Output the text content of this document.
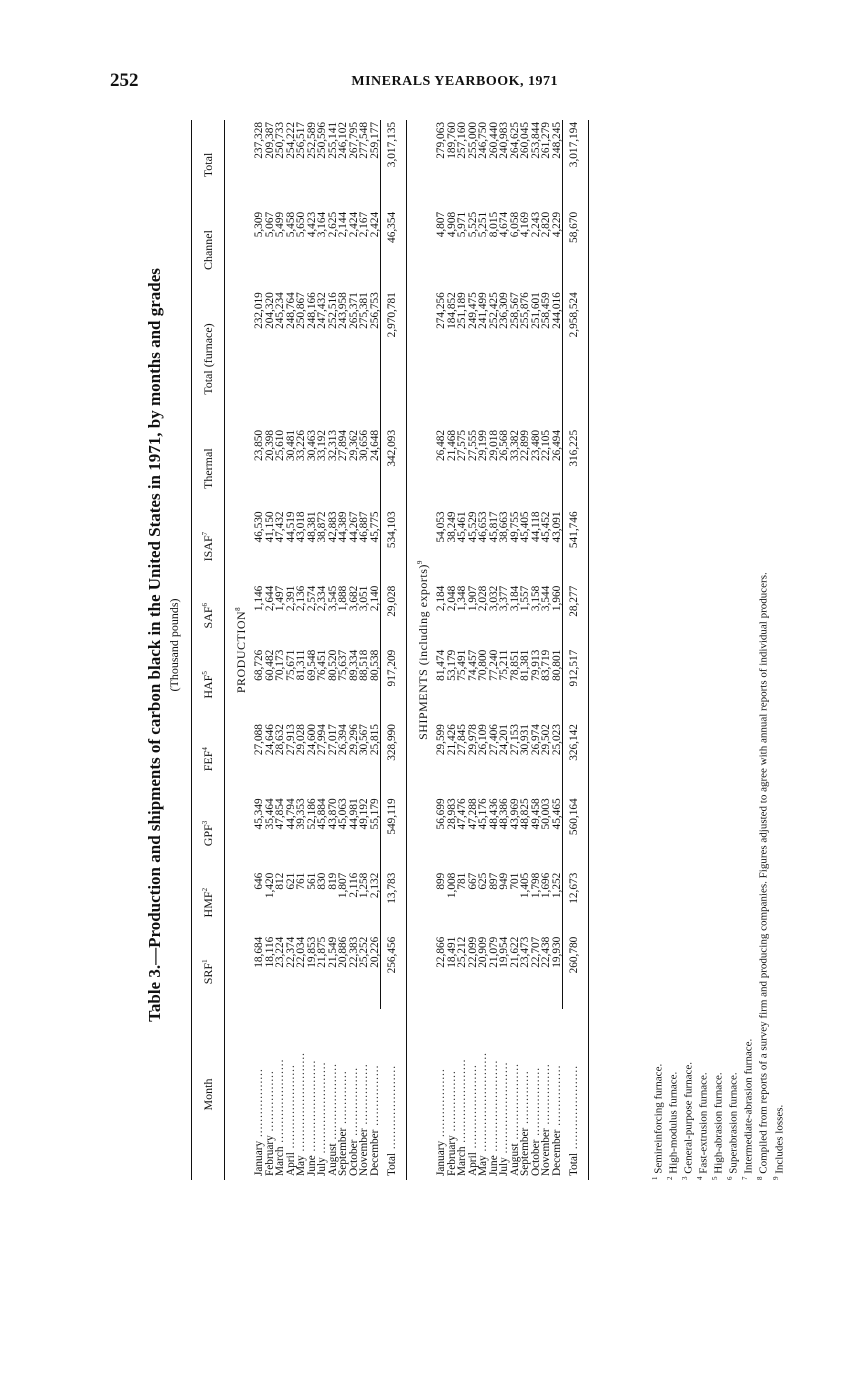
252	MINERALS YEARBOOK, 1971
Table 3.—Production and shipments of carbon black in the United States in 1971, by months and grades (Thousand pounds)
Month	SRF$^1$	HMF$^2$	GPF$^3$	FEF$^4$	HAF$^5$	SAF$^6$	ISAF$^7$	Thermal	Total (furnace)	Channel	Total
PRODUCTION$^8$
January ..................	18,684	646	45,349	27,088	68,726	1,146	46,530	23,850	232,019	5,309	237,328
February ................	18,116	1,420	35,464	24,646	60,482	2,644	41,150	20,398	204,320	5,067	209,387
March ......................	23,224	812	47,854	28,632	70,173	1,497	47,432	25,610	245,234	5,499	250,733
April ......................	22,374	621	44,794	27,913	75,671	2,391	44,519	30,481	248,764	5,458	254,222
May ..........................	22,034	761	39,353	29,028	81,311	2,136	43,018	33,226	250,867	5,650	256,517
June ........................	19,853	561	52,186	24,600	69,548	2,574	48,381	30,463	248,166	4,423	252,589
July ........................	21,875	830	45,884	27,994	76,451	2,334	38,872	33,192	247,432	3,164	250,596
August ....................	21,549	819	43,870	27,017	80,520	3,545	42,883	32,313	252,516	2,625	255,141
September ..............	20,886	1,807	45,063	26,394	75,637	1,888	44,389	27,894	243,958	2,144	246,102
October ..................	22,383	2,116	44,981	29,296	89,334	3,682	44,267	29,362	265,371	2,424	267,795
November ................	25,252	1,258	49,192	30,567	88,518	3,051	46,887	30,656	275,381	2,167	277,548
December ................	20,226	2,132	55,179	25,815	80,538	2,140	45,775	24,648	256,753	2,424	259,177
Total ......................	256,456	13,783	549,119	328,990	917,209	29,028	534,103	342,093	2,970,781	46,354	3,017,135
SHIPMENTS (including exports)$^9$
January ..................	22,866	899	56,699	29,599	81,474	2,184	54,053	26,482	274,256	4,807	279,063
February ................	18,491	1,008	28,983	21,426	53,179	2,048	38,249	21,468	184,852	4,908	189,760
March ......................	25,212	781	47,476	27,845	75,491	1,348	45,461	27,575	251,189	5,971	257,160
April ......................	22,099	667	47,288	29,978	74,457	1,907	45,529	27,555	249,475	5,525	255,000
May ..........................	20,909	625	45,176	26,109	70,800	2,028	46,653	29,199	241,499	5,251	246,750
June ........................	21,079	897	48,436	27,406	77,240	3,032	45,817	29,018	252,425	8,015	260,440
July ........................	19,954	949	48,386	24,201	75,211	3,377	38,663	26,568	236,309	4,674	240,983
August ....................	21,622	701	43,969	27,153	78,851	3,184	49,755	33,382	258,567	6,058	264,625
September ..............	23,473	1,405	48,825	30,931	81,381	1,557	45,405	22,899	255,876	4,169	260,045
October ..................	22,707	1,798	49,458	26,974	79,913	3,158	44,118	23,480	251,601	2,243	253,844
November ................	22,438	1,696	50,003	29,502	83,719	3,544	45,452	22,105	258,459	2,820	261,279
December ................	19,930	1,252	45,465	25,023	80,801	1,960	43,091	26,494	244,016	4,229	248,245
Total ......................	260,780	12,673	560,164	326,142	912,517	28,277	541,746	316,225	2,958,524	58,670	3,017,194
$^1$ Semireinforcing furnace.
$^2$ High-modulus furnace.
$^3$ General-purpose furnace.
$^4$ Fast-extrusion furnace.
$^5$ High-abrasion furnace.
$^6$ Superabrasion furnace.
$^7$ Intermediate-abrasion furnace.
$^8$ Compiled from reports of a survey firm and producing companies. Figures adjusted to agree with annual reports of individual producers.
$^9$ Includes losses.
